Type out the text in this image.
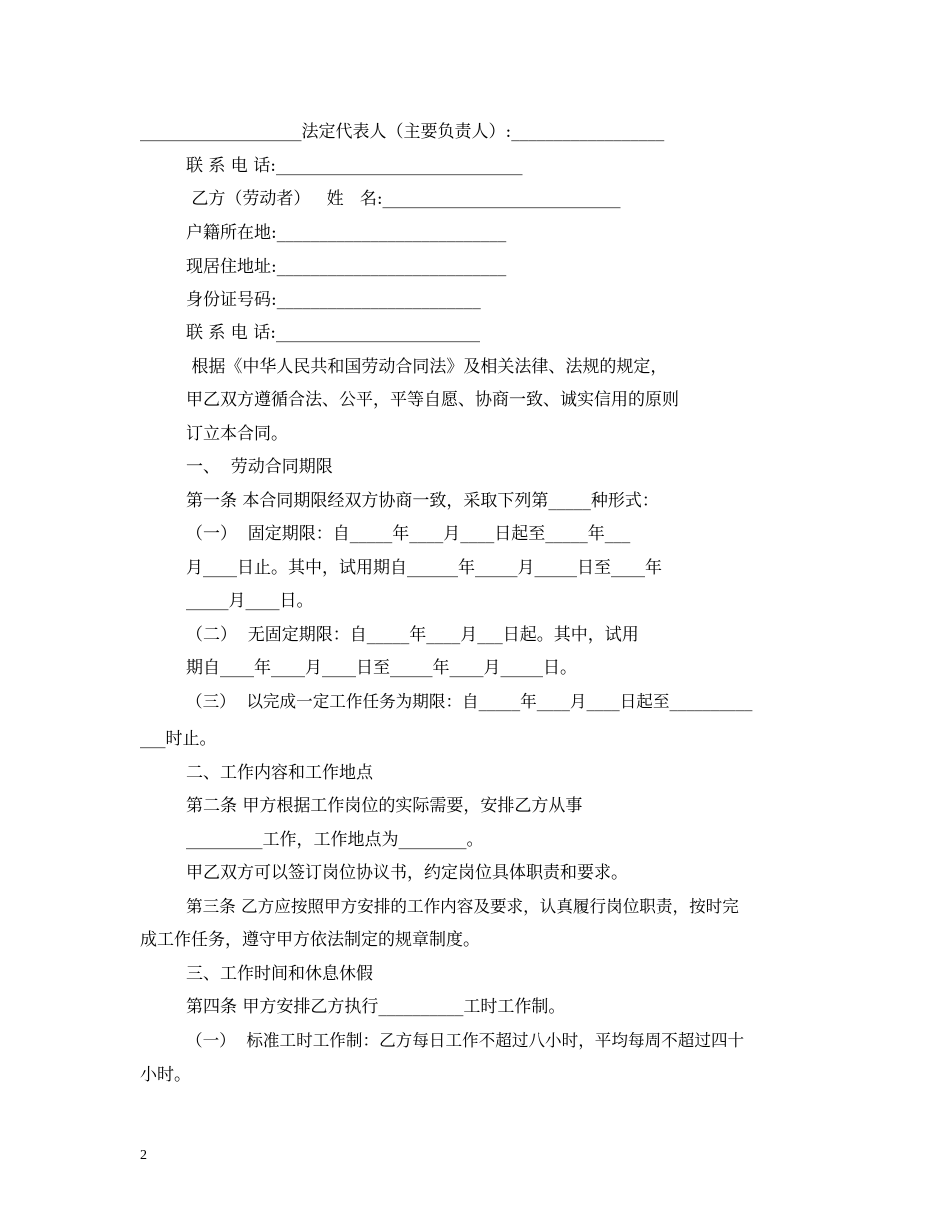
___________________法定代表人（主要负责人）:__________________
联 系 电 话:_____________________________
乙方（劳动者）   姓   名:____________________________
户籍所在地:___________________________
现居住地址:___________________________
身份证号码:________________________
联 系 电 话:________________________
根据《中华人民共和国劳动合同法》及相关法律、法规的规定，
甲乙双方遵循合法、公平，平等自愿、协商一致、诚实信用的原则
订立本合同。
一、  劳动合同期限
第一条 本合同期限经双方协商一致，采取下列第_____种形式：
（一）  固定期限：自_____年____月____日起至_____年___
月____日止。其中，试用期自______年_____月_____日至____年
_____月____日。
（二）  无固定期限：自_____年____月___日起。其中，试用
期自____年____月____日至_____年____月_____日。
（三）  以完成一定工作任务为期限：自_____年____月____日起至__________
___时止。
二、工作内容和工作地点
第二条 甲方根据工作岗位的实际需要，安排乙方从事
_________工作，工作地点为________。
甲乙双方可以签订岗位协议书，约定岗位具体职责和要求。
第三条 乙方应按照甲方安排的工作内容及要求，认真履行岗位职责，按时完
成工作任务，遵守甲方依法制定的规章制度。
三、工作时间和休息休假
第四条 甲方安排乙方执行__________工时工作制。
（一）  标准工时工作制：乙方每日工作不超过八小时，平均每周不超过四十
小时。
2
